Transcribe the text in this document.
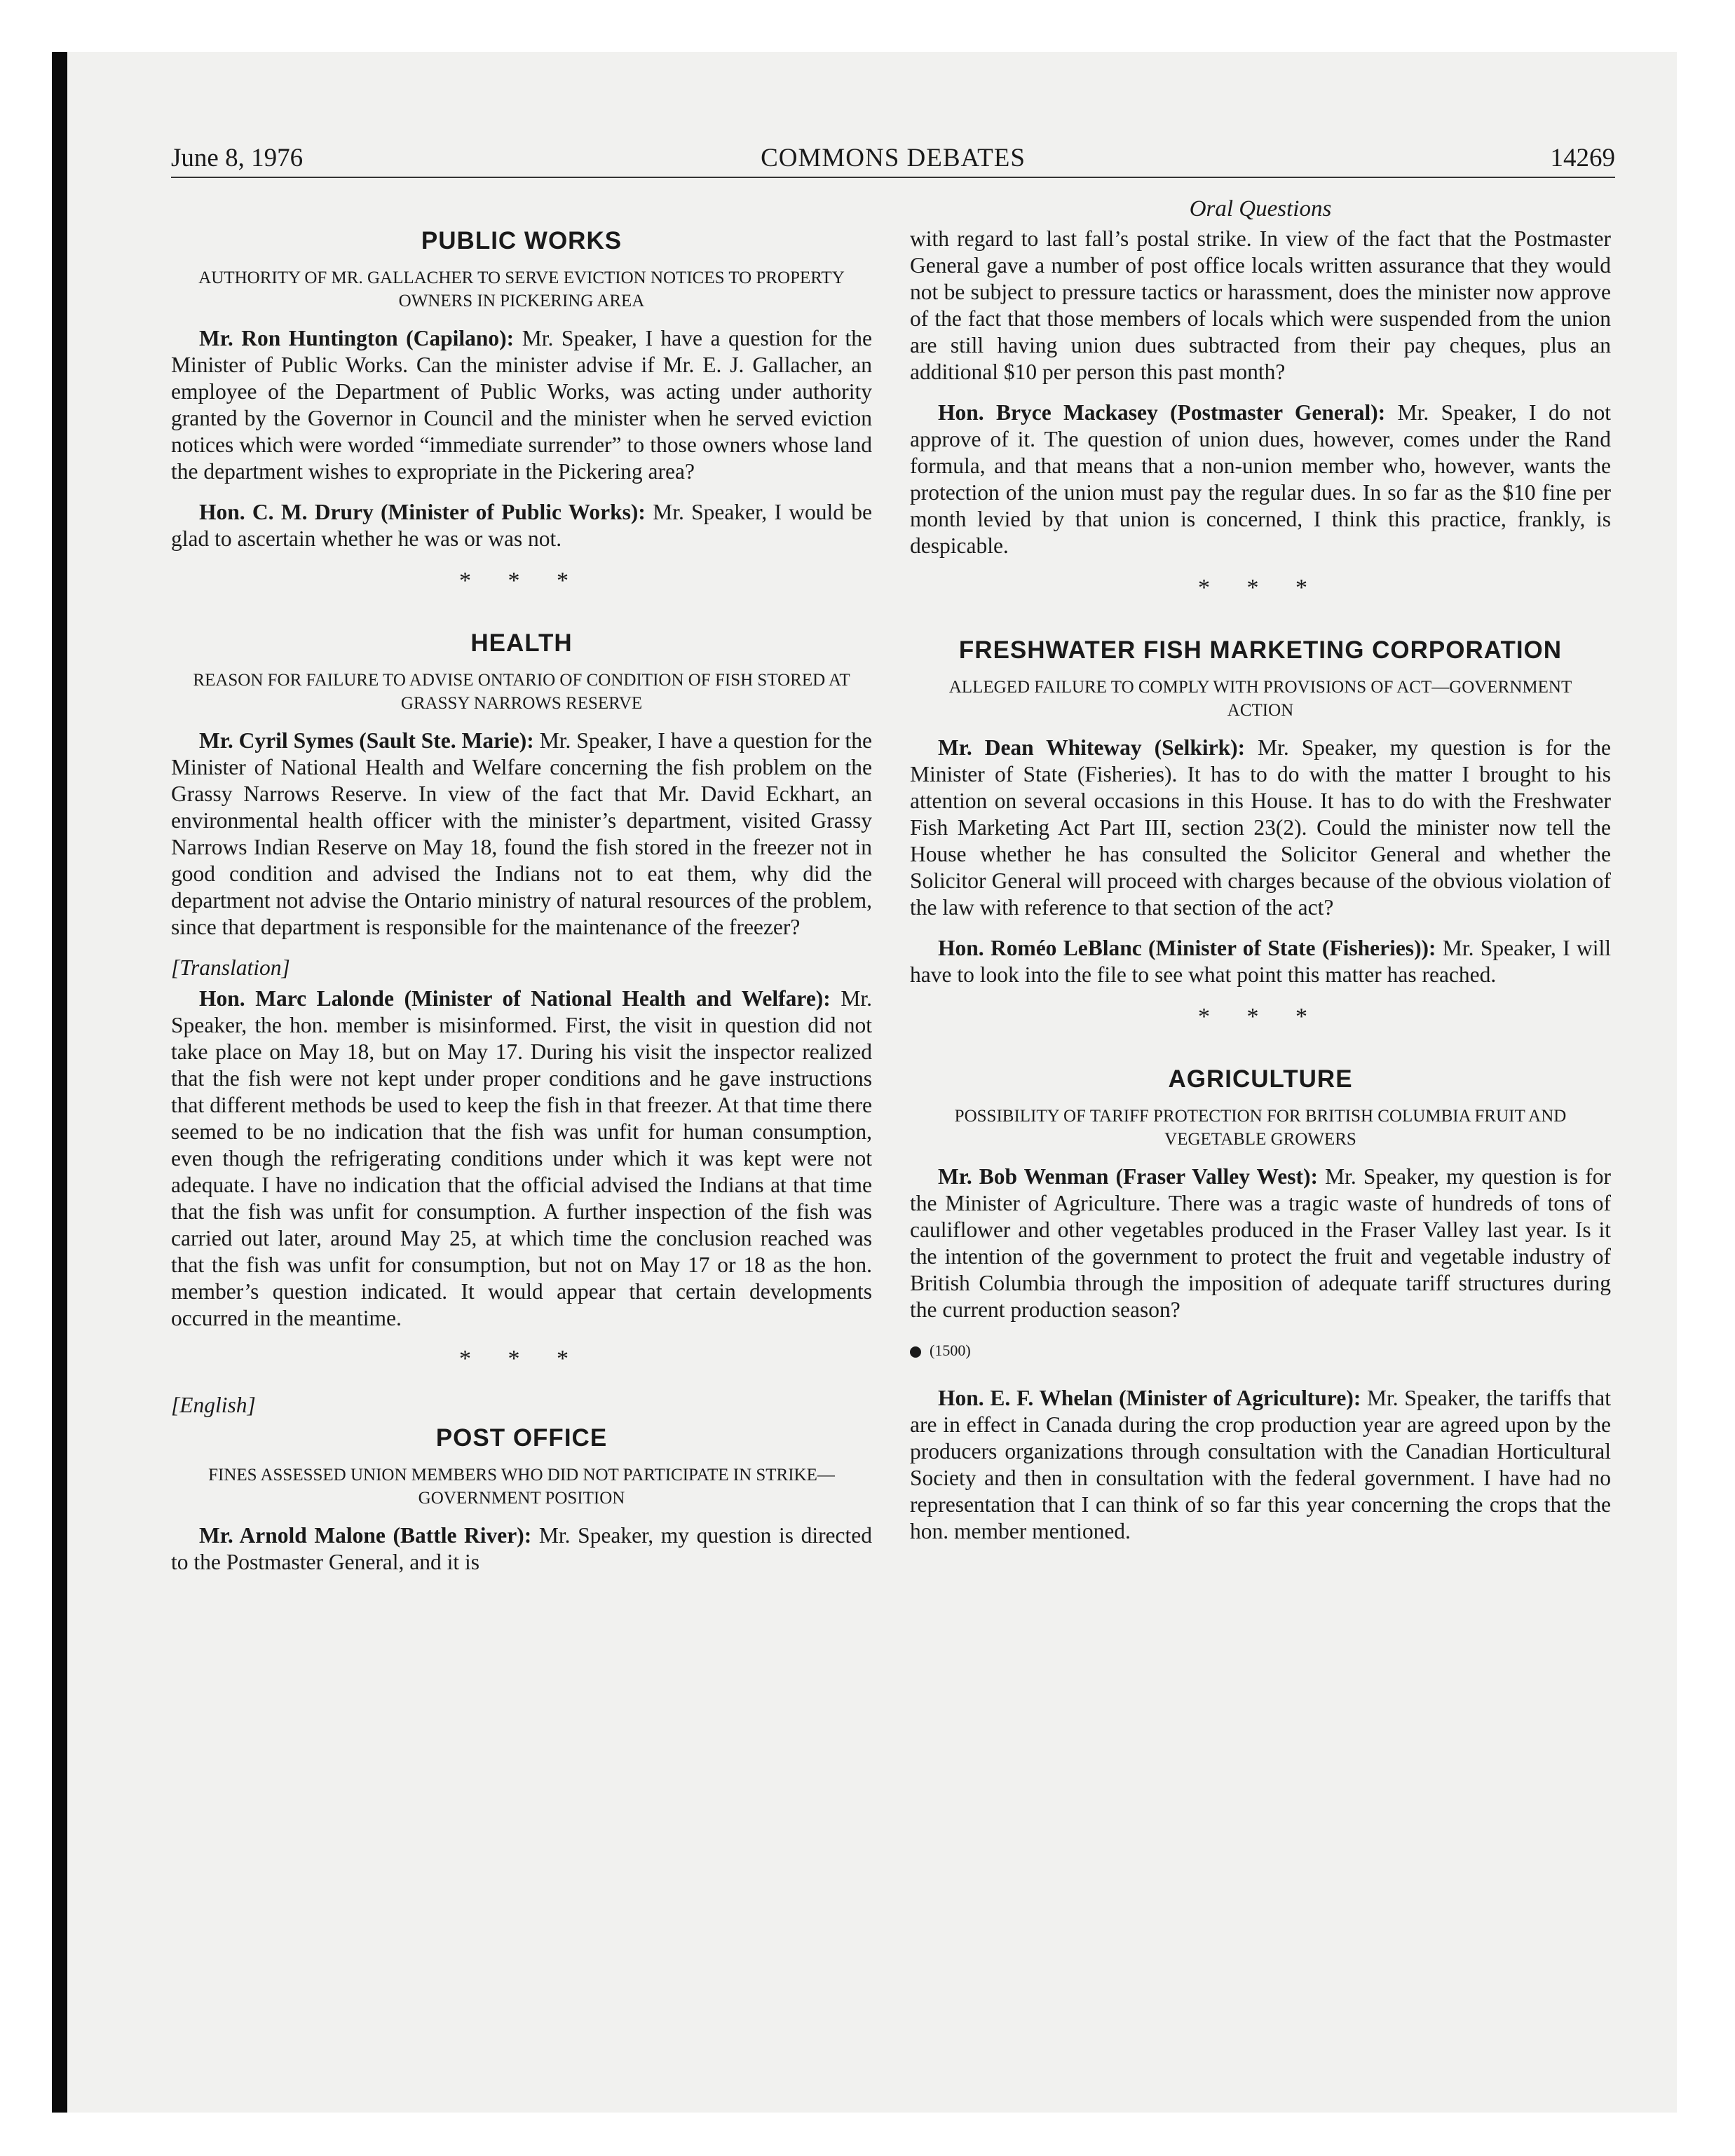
June 8, 1976	COMMONS DEBATES	14269
PUBLIC WORKS
AUTHORITY OF MR. GALLACHER TO SERVE EVICTION NOTICES TO PROPERTY OWNERS IN PICKERING AREA

Mr. Ron Huntington (Capilano): Mr. Speaker, I have a question for the Minister of Public Works. Can the minister advise if Mr. E. J. Gallacher, an employee of the Department of Public Works, was acting under authority granted by the Governor in Council and the minister when he served eviction notices which were worded “immediate surrender” to those owners whose land the department wishes to expropriate in the Pickering area?

Hon. C. M. Drury (Minister of Public Works): Mr. Speaker, I would be glad to ascertain whether he was or was not.

* * *
HEALTH
REASON FOR FAILURE TO ADVISE ONTARIO OF CONDITION OF FISH STORED AT GRASSY NARROWS RESERVE

Mr. Cyril Symes (Sault Ste. Marie): Mr. Speaker, I have a question for the Minister of National Health and Welfare concerning the fish problem on the Grassy Narrows Reserve. In view of the fact that Mr. David Eckhart, an environmental health officer with the minister’s department, visited Grassy Narrows Indian Reserve on May 18, found the fish stored in the freezer not in good condition and advised the Indians not to eat them, why did the department not advise the Ontario ministry of natural resources of the problem, since that department is responsible for the maintenance of the freezer?

[Translation]

Hon. Marc Lalonde (Minister of National Health and Welfare): Mr. Speaker, the hon. member is misinformed. First, the visit in question did not take place on May 18, but on May 17. During his visit the inspector realized that the fish were not kept under proper conditions and he gave instructions that different methods be used to keep the fish in that freezer. At that time there seemed to be no indication that the fish was unfit for human consumption, even though the refrigerating conditions under which it was kept were not adequate. I have no indication that the official advised the Indians at that time that the fish was unfit for consumption. A further inspection of the fish was carried out later, around May 25, at which time the conclusion reached was that the fish was unfit for consumption, but not on May 17 or 18 as the hon. member’s question indicated. It would appear that certain developments occurred in the meantime.

* * *
[English]
POST OFFICE
FINES ASSESSED UNION MEMBERS WHO DID NOT PARTICIPATE IN STRIKE—GOVERNMENT POSITION

Mr. Arnold Malone (Battle River): Mr. Speaker, my question is directed to the Postmaster General, and it is

Oral Questions

with regard to last fall’s postal strike. In view of the fact that the Postmaster General gave a number of post office locals written assurance that they would not be subject to pressure tactics or harassment, does the minister now approve of the fact that those members of locals which were suspended from the union are still having union dues subtracted from their pay cheques, plus an additional $10 per person this past month?

Hon. Bryce Mackasey (Postmaster General): Mr. Speaker, I do not approve of it. The question of union dues, however, comes under the Rand formula, and that means that a non-union member who, however, wants the protection of the union must pay the regular dues. In so far as the $10 fine per month levied by that union is concerned, I think this practice, frankly, is despicable.

* * *
FRESHWATER FISH MARKETING CORPORATION
ALLEGED FAILURE TO COMPLY WITH PROVISIONS OF ACT—GOVERNMENT ACTION

Mr. Dean Whiteway (Selkirk): Mr. Speaker, my question is for the Minister of State (Fisheries). It has to do with the matter I brought to his attention on several occasions in this House. It has to do with the Freshwater Fish Marketing Act Part III, section 23(2). Could the minister now tell the House whether he has consulted the Solicitor General and whether the Solicitor General will proceed with charges because of the obvious violation of the law with reference to that section of the act?

Hon. Roméo LeBlanc (Minister of State (Fisheries)): Mr. Speaker, I will have to look into the file to see what point this matter has reached.

* * *
AGRICULTURE
POSSIBILITY OF TARIFF PROTECTION FOR BRITISH COLUMBIA FRUIT AND VEGETABLE GROWERS

Mr. Bob Wenman (Fraser Valley West): Mr. Speaker, my question is for the Minister of Agriculture. There was a tragic waste of hundreds of tons of cauliflower and other vegetables produced in the Fraser Valley last year. Is it the intention of the government to protect the fruit and vegetable industry of British Columbia through the imposition of adequate tariff structures during the current production season?

(1500)

Hon. E. F. Whelan (Minister of Agriculture): Mr. Speaker, the tariffs that are in effect in Canada during the crop production year are agreed upon by the producers organizations through consultation with the Canadian Horticultural Society and then in consultation with the federal government. I have had no representation that I can think of so far this year concerning the crops that the hon. member mentioned.
